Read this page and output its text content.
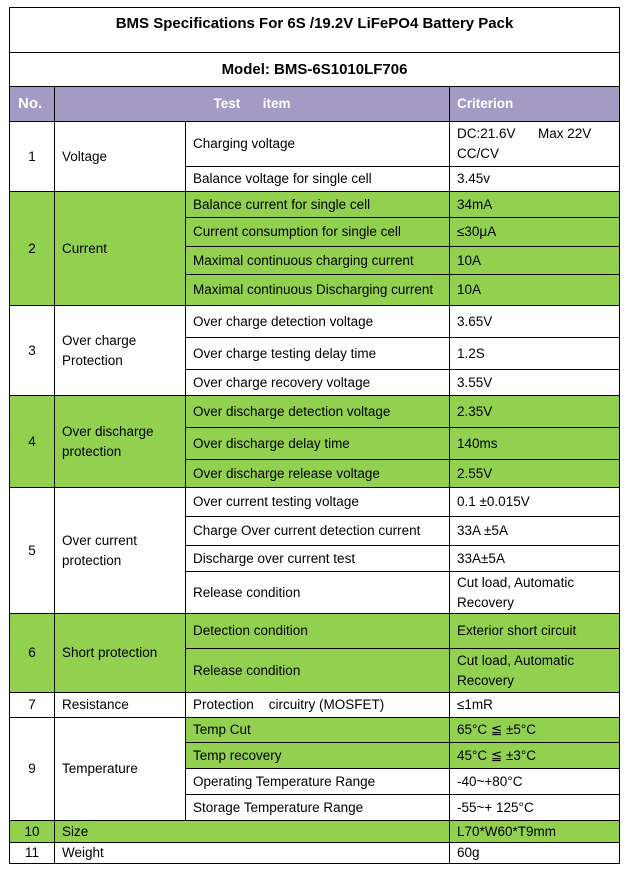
BMS Specifications For 6S /19.2V LiFePO4 Battery Pack			
Model: BMS-6S1010LF706			
No.	Test      item		Criterion
1	Voltage	Charging voltage	DC:21.6V      Max 22V
CC/CV
		Balance voltage for single cell	3.45v
2	Current	Balance current for single cell	34mA
		Current consumption for single cell	≤30μA
		Maximal continuous charging current	10A
		Maximal continuous Discharging current	10A
3	Over charge
Protection	Over charge detection voltage	3.65V
		Over charge testing delay time	1.2S
		Over charge recovery voltage	3.55V
4	Over discharge
protection	Over discharge detection voltage	2.35V
		Over discharge delay time	140ms
		Over discharge release voltage	2.55V
5	Over current
protection	Over current testing voltage	0.1 ±0.015V
		Charge Over current detection current	33A ±5A
		Discharge over current test	33A±5A
		Release condition	Cut load, Automatic
Recovery
6	Short protection	Detection condition	Exterior short circuit
		Release condition	Cut load, Automatic
Recovery
7	Resistance	Protection    circuitry (MOSFET)	≤1mR
9	Temperature	Temp Cut	65°C ≦ ±5°C
		Temp recovery	45°C ≦ ±3°C
		Operating Temperature Range	-40~+80°C
		Storage Temperature Range	-55~+ 125°C
10	Size		L70*W60*T9mm
11	Weight		60g
